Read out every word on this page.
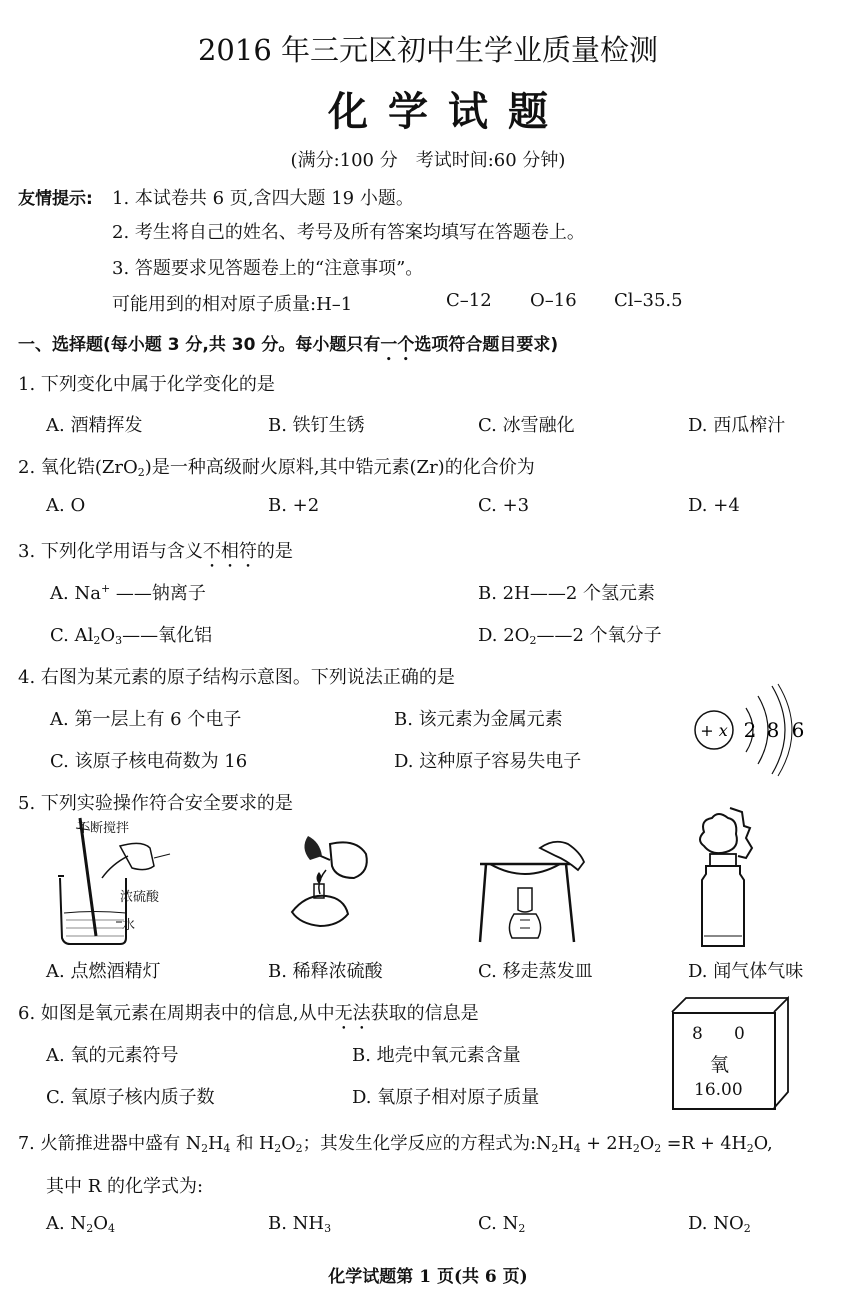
2016 年三元区初中生学业质量检测
化学试题
(满分:100 分　考试时间:60 分钟)
友情提示: 1. 本试卷共 6 页,含四大题 19 小题。
2. 考生将自己的姓名、考号及所有答案均填写在答题卷上。
3. 答题要求见答题卷上的“注意事项”。
可能用到的相对原子质量:H–1	C–12 O–16 Cl–35.5
一、选择题(每小题 3 分,共 30 分。每小题只有一个选项符合题目要求)
1. 下列变化中属于化学变化的是
A. 酒精挥发	B. 铁钉生锈	C. 冰雪融化	D. 西瓜榨汁
2. 氧化锆(ZrO$_2$)是一种高级耐火原料,其中锆元素(Zr)的化合价为
A. O	B. +2	C. +3	D. +4
3. 下列化学用语与含义不相符的是
A. Na+ ——钠离子	B. 2H——2 个氢元素
C. $Al_2O_3——$氧化铝	D. $2O_2——2$ 个氧分子
4. 右图为某元素的原子结构示意图。下列说法正确的是
A. 第一层上有 6 个电子	B. 该元素为金属元素
C. 该原子核电荷数为 16	D. 这种原子容易失电子
+ x 2 8 6
5. 下列实验操作符合安全要求的是
不断搅拌
浓硫酸
水
A. 点燃酒精灯	B. 稀释浓硫酸	C. 移走蒸发皿	D. 闻气体气味
6. 如图是氧元素在周期表中的信息,从中无法获取的信息是
A. 氧的元素符号	B. 地壳中氧元素含量
C. 氧原子核内质子数	D. 氧原子相对原子质量
8 0
氧
16.00
7. 火箭推进器中盛有 $N_2H_4$ 和 $H_2O_2$；其发生化学反应的方程式为$:N_2H_4 + 2H_2O_2 =R + 4H_2O$,
其中 R 的化学式为:
A. $N_2O_4$	B. $NH_3$	C. $N_2$	D. $NO_2$
化学试题第 1 页(共 6 页)
